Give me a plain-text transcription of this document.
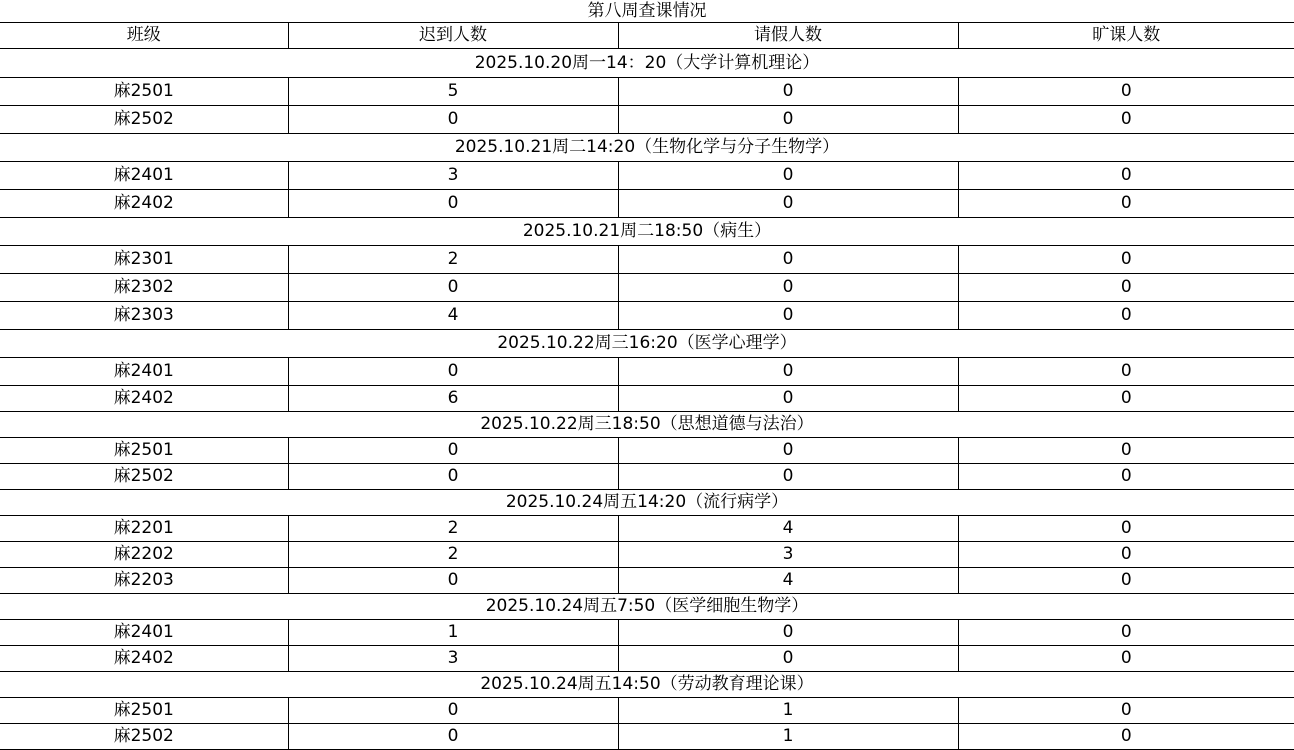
第八周查课情况			
班级	迟到人数	请假人数	旷课人数
2025.10.20周一14：20（大学计算机理论）			
麻2501	5	0	0
麻2502	0	0	0
2025.10.21周二14:20（生物化学与分子生物学）			
麻2401	3	0	0
麻2402	0	0	0
2025.10.21周二18:50（病生）			
麻2301	2	0	0
麻2302	0	0	0
麻2303	4	0	0
2025.10.22周三16:20（医学心理学）			
麻2401	0	0	0
麻2402	6	0	0
2025.10.22周三18:50（思想道德与法治）			
麻2501	0	0	0
麻2502	0	0	0
2025.10.24周五14:20（流行病学）			
麻2201	2	4	0
麻2202	2	3	0
麻2203	0	4	0
2025.10.24周五7:50（医学细胞生物学）			
麻2401	1	0	0
麻2402	3	0	0
2025.10.24周五14:50（劳动教育理论课）			
麻2501	0	1	0
麻2502	0	1	0
